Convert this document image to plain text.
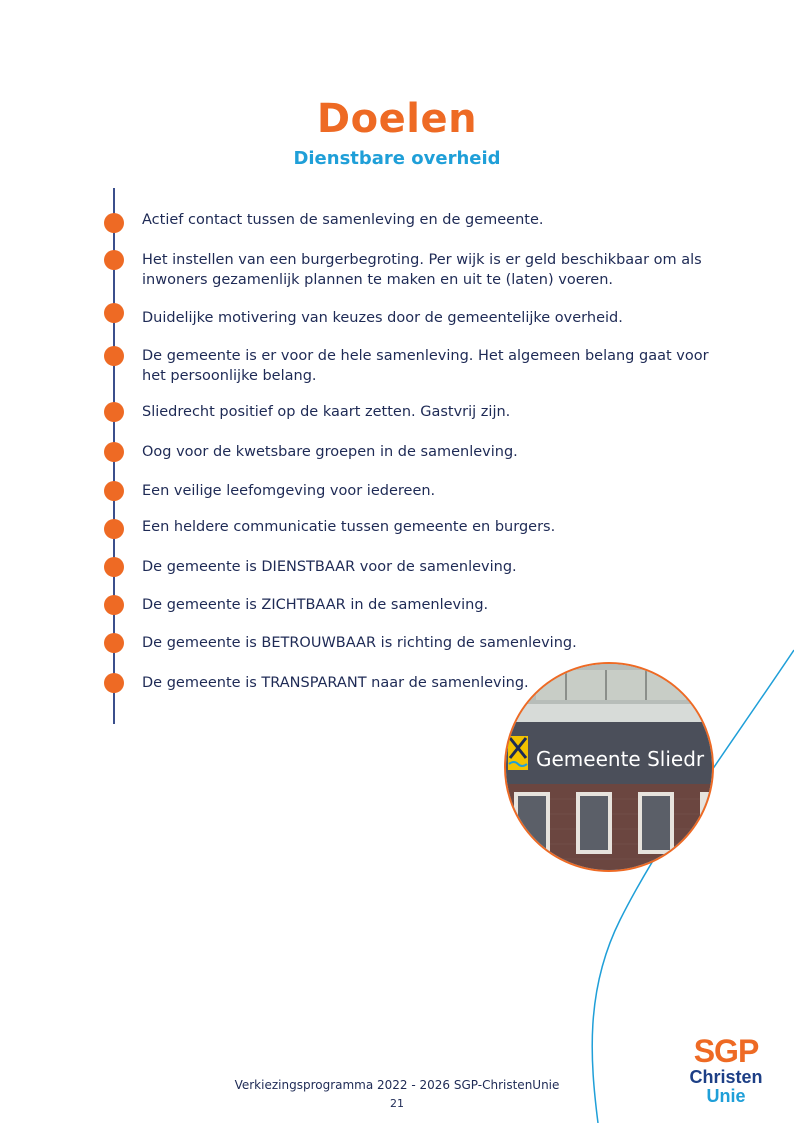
Doelen
Dienstbare overheid

Actief contact tussen de samenleving en de gemeente.

Het instellen van een burgerbegroting. Per wijk is er geld beschikbaar om als inwoners gezamenlijk plannen te maken en uit te (laten) voeren.

Duidelijke motivering van keuzes door de gemeentelijke overheid.

De gemeente is er voor de hele samenleving. Het algemeen belang gaat voor het persoonlijke belang.

Sliedrecht positief op de kaart zetten. Gastvrij zijn.

Oog voor de kwetsbare groepen in de samenleving.

Een veilige leefomgeving voor iedereen.

Een heldere communicatie tussen gemeente en burgers.

De gemeente is DIENSTBAAR voor de samenleving.

De gemeente is ZICHTBAAR in de samenleving.

De gemeente is BETROUWBAAR is richting de samenleving.

De gemeente is TRANSPARANT naar de samenleving.

Gemeente Sliedr

Verkiezingsprogramma 2022 - 2026 SGP-ChristenUnie

21

SGP
Christen
Unie
